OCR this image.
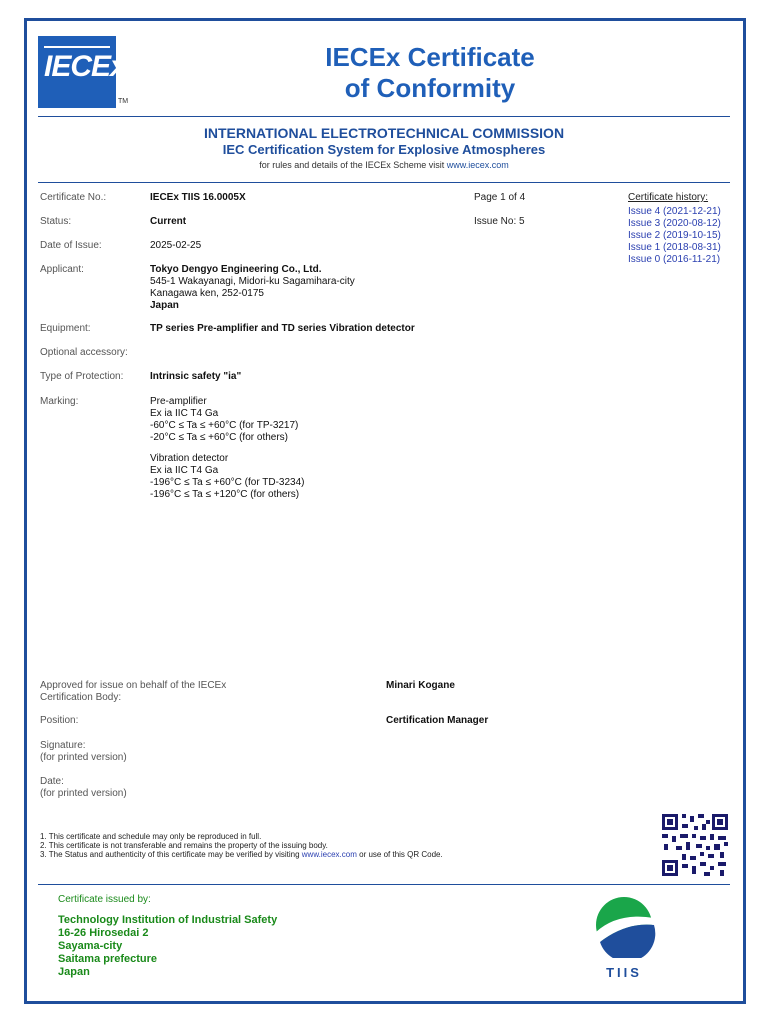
IECEx
TM
IECEx Certificate
of Conformity
INTERNATIONAL ELECTROTECHNICAL COMMISSION
IEC Certification System for Explosive Atmospheres
for rules and details of the IECEx Scheme visit www.iecex.com
Certificate No.:	IECEx TIIS 16.0005X	Page 1 of 4
Status:	Current	Issue No: 5
Date of Issue:	2025-02-25
Applicant:	Tokyo Dengyo Engineering Co., Ltd.
545-1 Wakayanagi, Midori-ku Sagamihara-city
Kanagawa ken, 252-0175
Japan
Equipment:	TP series Pre-amplifier and TD series Vibration detector
Optional accessory:
Type of Protection:	Intrinsic safety "ia"
Marking:	Pre-amplifier
Ex ia IIC T4 Ga
-60°C ≤ Ta ≤ +60°C (for TP-3217)
-20°C ≤ Ta ≤ +60°C (for others)
Vibration detector
Ex ia IIC T4 Ga
-196°C ≤ Ta ≤ +60°C (for TD-3234)
-196°C ≤ Ta ≤ +120°C (for others)
Certificate history:
Issue 4 (2021-12-21)
Issue 3 (2020-08-12)
Issue 2 (2019-10-15)
Issue 1 (2018-08-31)
Issue 0 (2016-11-21)
Approved for issue on behalf of the IECEx
Certification Body:
Minari Kogane
Position:	Certification Manager
Signature:
(for printed version)
Date:
(for printed version)
1. This certificate and schedule may only be reproduced in full.
2. This certificate is not transferable and remains the property of the issuing body.
3. The Status and authenticity of this certificate may be verified by visiting www.iecex.com or use of this QR Code.
Certificate issued by:
Technology Institution of Industrial Safety
16-26 Hirosedai 2
Sayama-city
Saitama prefecture
Japan	TIIS
